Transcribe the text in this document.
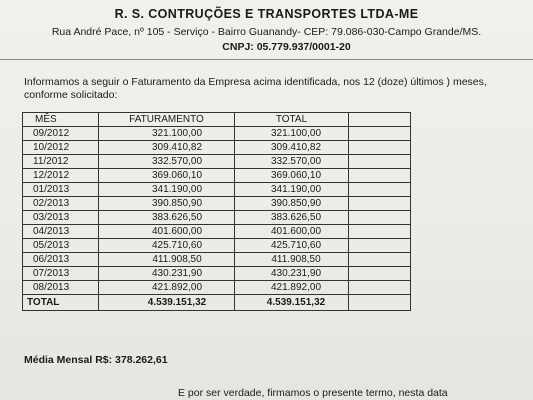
R. S. CONTRUÇÕES E TRANSPORTES LTDA-ME
Rua André Pace, nº 105 - Serviço - Bairro Guanandy- CEP: 79.086-030-Campo Grande/MS.
CNPJ: 05.779.937/0001-20
Informamos a seguir o Faturamento da Empresa acima identificada, nos 12 (doze) últimos ) meses, conforme solicitado:
MÊS	FATURAMENTO	TOTAL	
09/2012	321.100,00	321.100,00	
10/2012	309.410,82	309.410,82	
11/2012	332.570,00	332.570,00	
12/2012	369.060,10	369.060,10	
01/2013	341.190,00	341.190,00	
02/2013	390.850,90	390.850,90	
03/2013	383.626,50	383.626,50	
04/2013	401.600,00	401.600,00	
05/2013	425.710,60	425.710,60	
06/2013	411.908,50	411.908,50	
07/2013	430.231,90	430.231,90	
08/2013	421.892,00	421.892,00	
TOTAL	4.539.151,32	4.539.151,32	
Média Mensal R$: 378.262,61
E por ser verdade, firmamos o presente termo, nesta data
